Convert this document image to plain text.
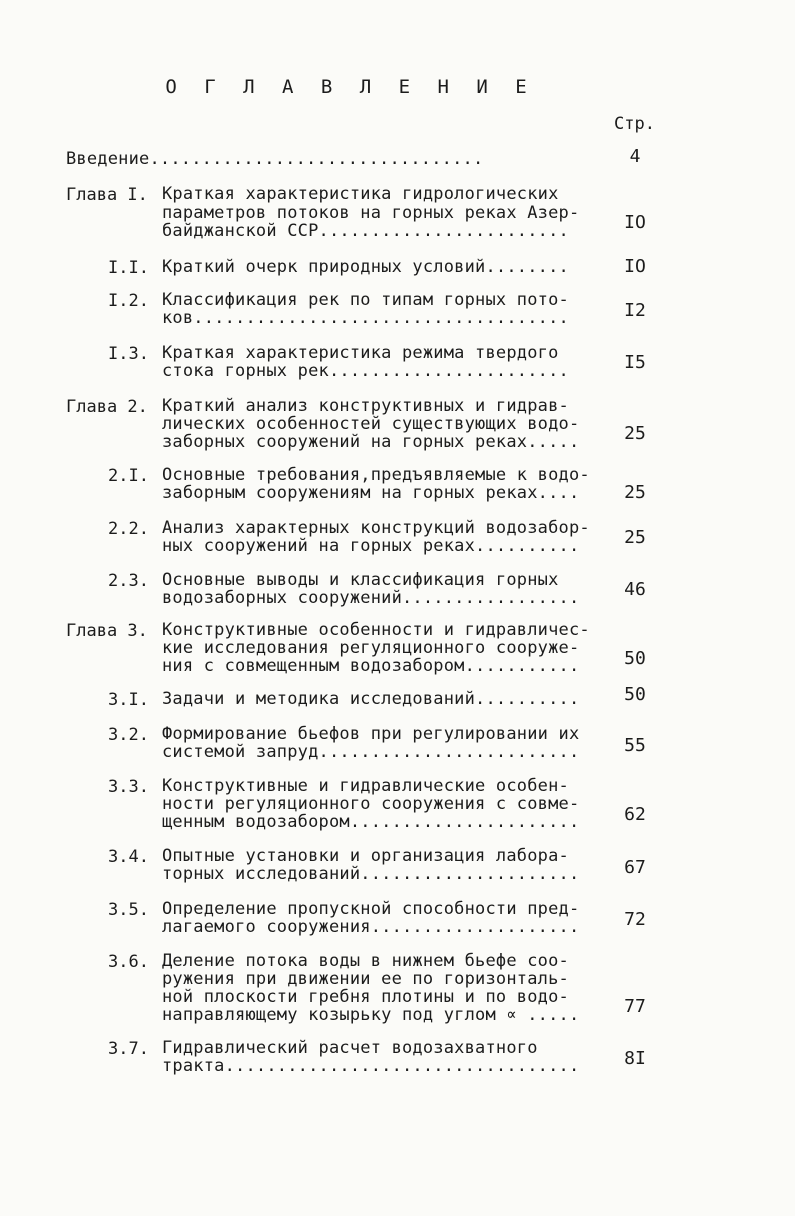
О Г Л А В Л Е Н И Е
Стр.
Введение................................	4
Глава I. Краткая характеристика гидрологических
параметров потоков на горных реках Азер-
байджанской ССР........................	IO
I.I. Краткий очерк природных условий........	IO
I.2. Классификация рек по типам горных пото-
ков....................................	I2
I.3. Краткая характеристика режима твердого
стока горных рек.......................	I5
Глава 2. Краткий анализ конструктивных и гидрав-
лических особенностей существующих водо-
заборных сооружений на горных реках.....	25
2.I. Основные требования,предъявляемые к водо-
заборным сооружениям на горных реках....	25
2.2. Анализ характерных конструкций водозабор-
ных сооружений на горных реках..........	25
2.3. Основные выводы и классификация горных
водозаборных сооружений.................	46
Глава 3. Конструктивные особенности и гидравличес-
кие исследования регуляционного сооруже-
ния с совмещенным водозабором...........	50
3.I. Задачи и методика исследований..........	50
3.2. Формирование бьефов при регулировании их
системой запруд.........................	55
3.3. Конструктивные и гидравлические особен-
ности регуляционного сооружения с совме-
щенным водозабором......................	62
3.4. Опытные установки и организация лабора-
торных исследований.....................	67
3.5. Определение пропускной способности пред-
лагаемого сооружения....................	72
3.6. Деление потока воды в нижнем бьефе соо-
ружения при движении ее по горизонталь-
ной плоскости гребня плотины и по водо-
направляющему козырьку под углом ∝ .....	77
3.7. Гидравлический расчет водозахватного
тракта..................................	8I
